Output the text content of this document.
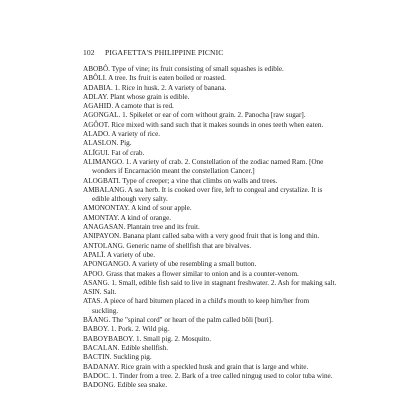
102	PIGAFETTA'S PHILIPPINE PICNIC

ABOBÔ. Type of vine; its fruit consisting of small squashes is edible.

ABÔLI. A tree. Its fruit is eaten boiled or roasted.

ADABIA. 1. Rice in husk. 2. A variety of banana.

ADLAY. Plant whose grain is edible.

AGAHID. A camote that is red.

AGONGAL. 1. Spikelet or ear of corn without grain. 2. Panocha [raw sugar].

AGÔOT. Rice mixed with sand such that it makes sounds in ones teeth when eaten.

ALADO. A variety of rice.

ALASLON. Pig.

ALÏGUI. Fat of crab.

ALIMANGO. 1. A variety of crab. 2. Constellation of the zodiac named Ram. [One wonders if Encarnación meant the constellation Cancer.]

ALOGBATI. Type of creeper; a vine that climbs on walls and trees.

AMBALANG. A sea herb. It is cooked over fire, left to congeal and crystalize. It is edible although very salty.

AMONONTAY. A kind of sour apple.

AMONTAY. A kind of orange.

ANAGASAN. Plantain tree and its fruit.

ANIPAYON. Banana plant called saba with a very good fruit that is long and thin.

ANTOLANG. Generic name of shellfish that are bivalves.

APALÏ. A variety of ube.

APONGANGO. A variety of ube resembling a small button.

APOO. Grass that makes a flower similar to onion and is a counter-venom.

ASANG. 1. Small, edible fish said to live in stagnant freshwater. 2. Ash for making salt.

ASIN. Salt.

ATAS. A piece of hard bitumen placed in a child's mouth to keep him/her from suckling.

BÄANG. The "spinal cord" or heart of the palm called bôli [buri].

BABOY. 1. Pork. 2. Wild pig.

BABOYBABOY. 1. Small pig. 2. Mosquito.

BACALAN. Edible shellfish.

BACTIN. Suckling pig.

BADANAY. Rice grain with a speckled husk and grain that is large and white.

BADOC. 1. Tinder from a tree. 2. Bark of a tree called ningug used to color tuba wine.

BADONG. Edible sea snake.
